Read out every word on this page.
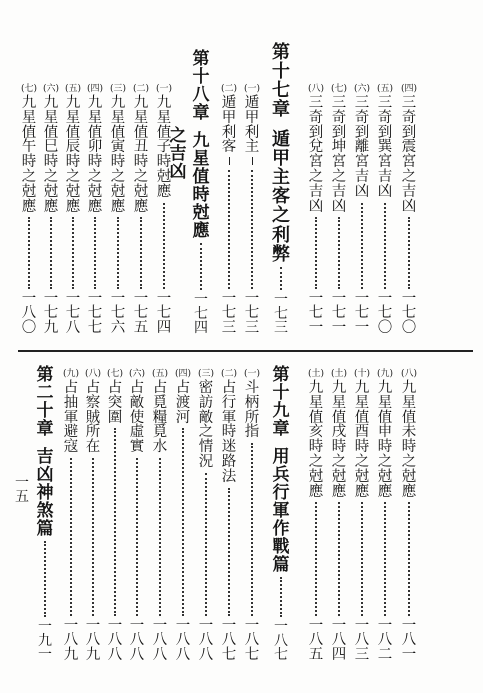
(四)
三
奇
到
震
宮
之
吉
凶
一
七
〇
(五)
三
奇
到
巽
宮
吉
凶
一
七
〇
(六)
三
奇
到
離
宮
吉
凶
一
七
一
(七)
三
奇
到
坤
宮
之
吉
凶
一
七
一
(八)
三
奇
到
兌
宮
之
吉
凶
一
七
一
第
十
七
章

遁
甲
主
客
之
利
弊
一
七
三
(一)
遁
甲
利
主
一
七
三
(二)
遁
甲
利
客
一
七
三
第
十
八
章

九
星
值
時
尅
應
一
七
四
之
吉
凶
(一)
九
星
值
子
時
尅
應
一
七
四
(二)
九
星
值
丑
時
之
尅
應
一
七
五
(三)
九
星
值
寅
時
之
尅
應
一
七
六
(四)
九
星
值
卯
時
之
尅
應
一
七
七
(五)
九
星
值
辰
時
之
尅
應
一
七
八
(六)
九
星
值
巳
時
之
尅
應
一
七
九
(七)
九
星
值
午
時
之
尅
應
一
八
〇
(八)
九
星
值
未
時
之
尅
應
一
八
一
(九)
九
星
值
申
時
之
尅
應
一
八
二
(十)
九
星
值
酉
時
之
尅
應
一
八
三
(土)
九
星
值
戌
時
之
尅
應
一
八
四
(土)
九
星
值
亥
時
之
尅
應
一
八
五
第
十
九
章

用
兵
行
軍
作
戰
篇
一
八
七
(一)
斗
柄
所
指
一
八
七
(二)
占
行
軍
時
迷
路
法
一
八
七
(三)
密
訪
敵
之
情
況
一
八
八
(四)
占
渡
河
一
八
八
(五)
占
覓
糧
覓
水
一
八
八
(六)
占
敵
使
虛
實
一
八
八
(七)
占
突
圍
一
八
八
(八)
占
察
賊
所
在
一
八
九
(九)
占
抽
軍
避
寇
一
八
九
第
二
十
章

吉
凶
神
煞
篇
一
九
一
一
五
